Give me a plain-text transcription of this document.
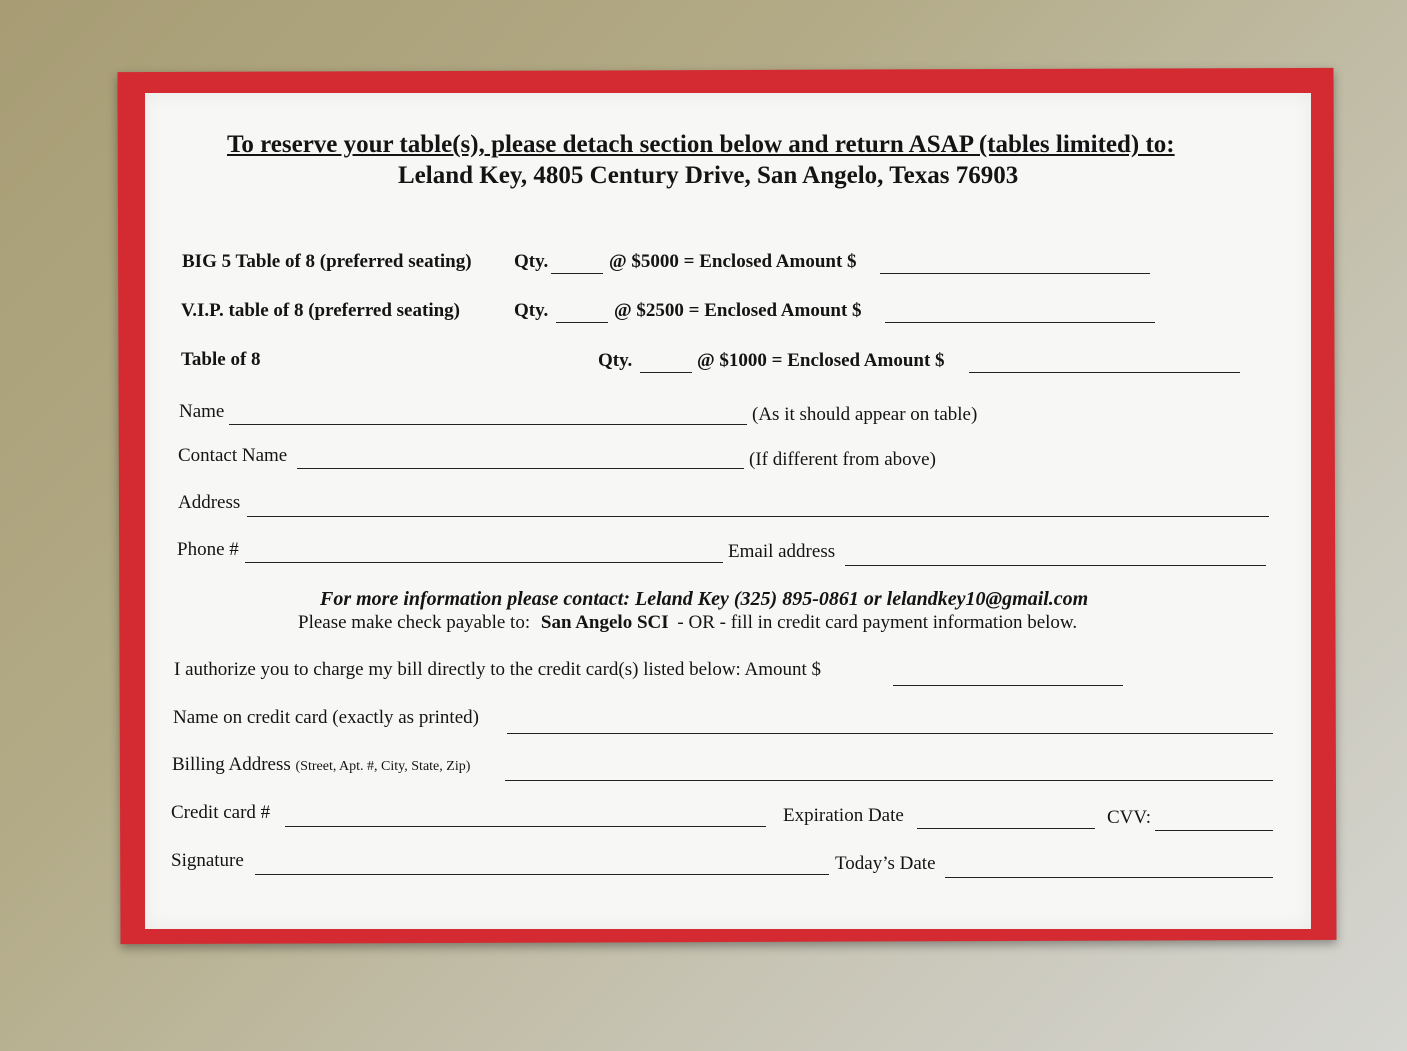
To reserve your table(s), please detach section below and return ASAP (tables limited) to:
Leland Key, 4805 Century Drive, San Angelo, Texas 76903
BIG 5 Table of 8 (preferred seating) Qty.	@ $5000 = Enclosed Amount $
V.I.P. table of 8 (preferred seating)	Qty.	@ $2500 = Enclosed Amount $
Table of 8	Qty.	@ $1000 = Enclosed Amount $
Name	(As it should appear on table)
Contact Name	(If different from above)
Address
Phone #	Email address
For more information please contact: Leland Key (325) 895-0861 or lelandkey10@gmail.com
Please make check payable to: San Angelo SCI - OR - fill in credit card payment information below.
I authorize you to charge my bill directly to the credit card(s) listed below: Amount $
Name on credit card (exactly as printed)
Billing Address (Street, Apt. #, City, State, Zip)
Credit card #	Expiration Date	CVV:
Signature	Today’s Date
